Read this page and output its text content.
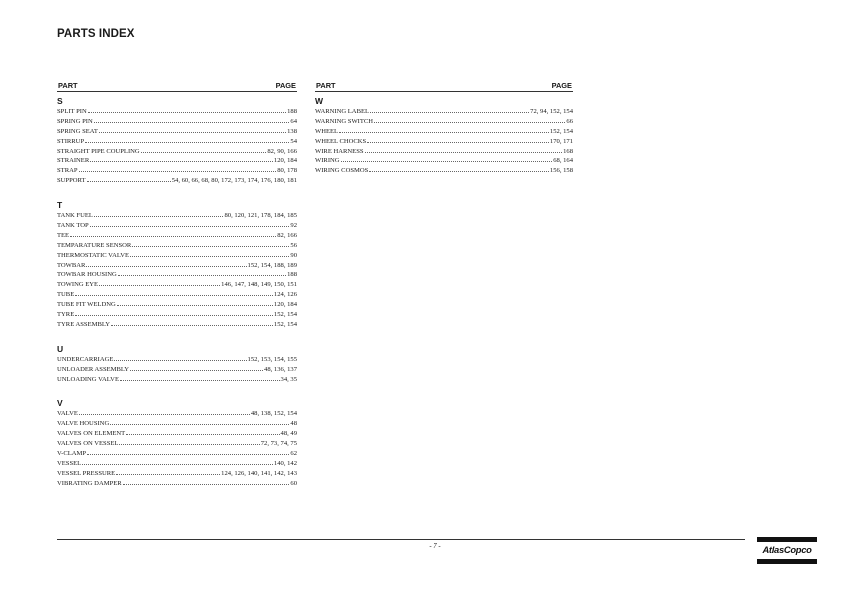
PARTS INDEX
PART	PAGE
S
SPLIT PIN	188
SPRING PIN	64
SPRING SEAT	138
STIRRUP	54
STRAIGHT PIPE COUPLING	82, 90, 166
STRAINER	120, 184
STRAP	80, 178
SUPPORT	54, 60, 66, 68, 80, 172, 173, 174, 176, 180, 181
T
TANK FUEL	80, 120, 121, 178, 184, 185
TANK TOP	92
TEE	82, 166
TEMPARATURE SENSOR	56
THERMOSTATIC VALVE	90
TOWBAR	152, 154, 188, 189
TOWBAR HOUSING	188
TOWING EYE	146, 147, 148, 149, 150, 151
TUBE	124, 126
TUBE FIT WELDNG	120, 184
TYRE	152, 154
TYRE ASSEMBLY	152, 154
U
UNDERCARRIAGE	152, 153, 154, 155
UNLOADER ASSEMBLY	48, 136, 137
UNLOADING VALVE	34, 35
V
VALVE	48, 138, 152, 154
VALVE HOUSING	48
VALVES ON ELEMENT	48, 49
VALVES ON VESSEL	72, 73, 74, 75
V-CLAMP	62
VESSEL	140, 142
VESSEL PRESSURE	124, 126, 140, 141, 142, 143
VIBRATING DAMPER	60
PART	PAGE
W
WARNING LABEL	72, 94, 152, 154
WARNING SWITCH	66
WHEEL	152, 154
WHEEL CHOCKS	170, 171
WIRE HARNESS	168
WIRING	68, 164
WIRING COSMOS	156, 158
- 7 -	AtlasCopco
